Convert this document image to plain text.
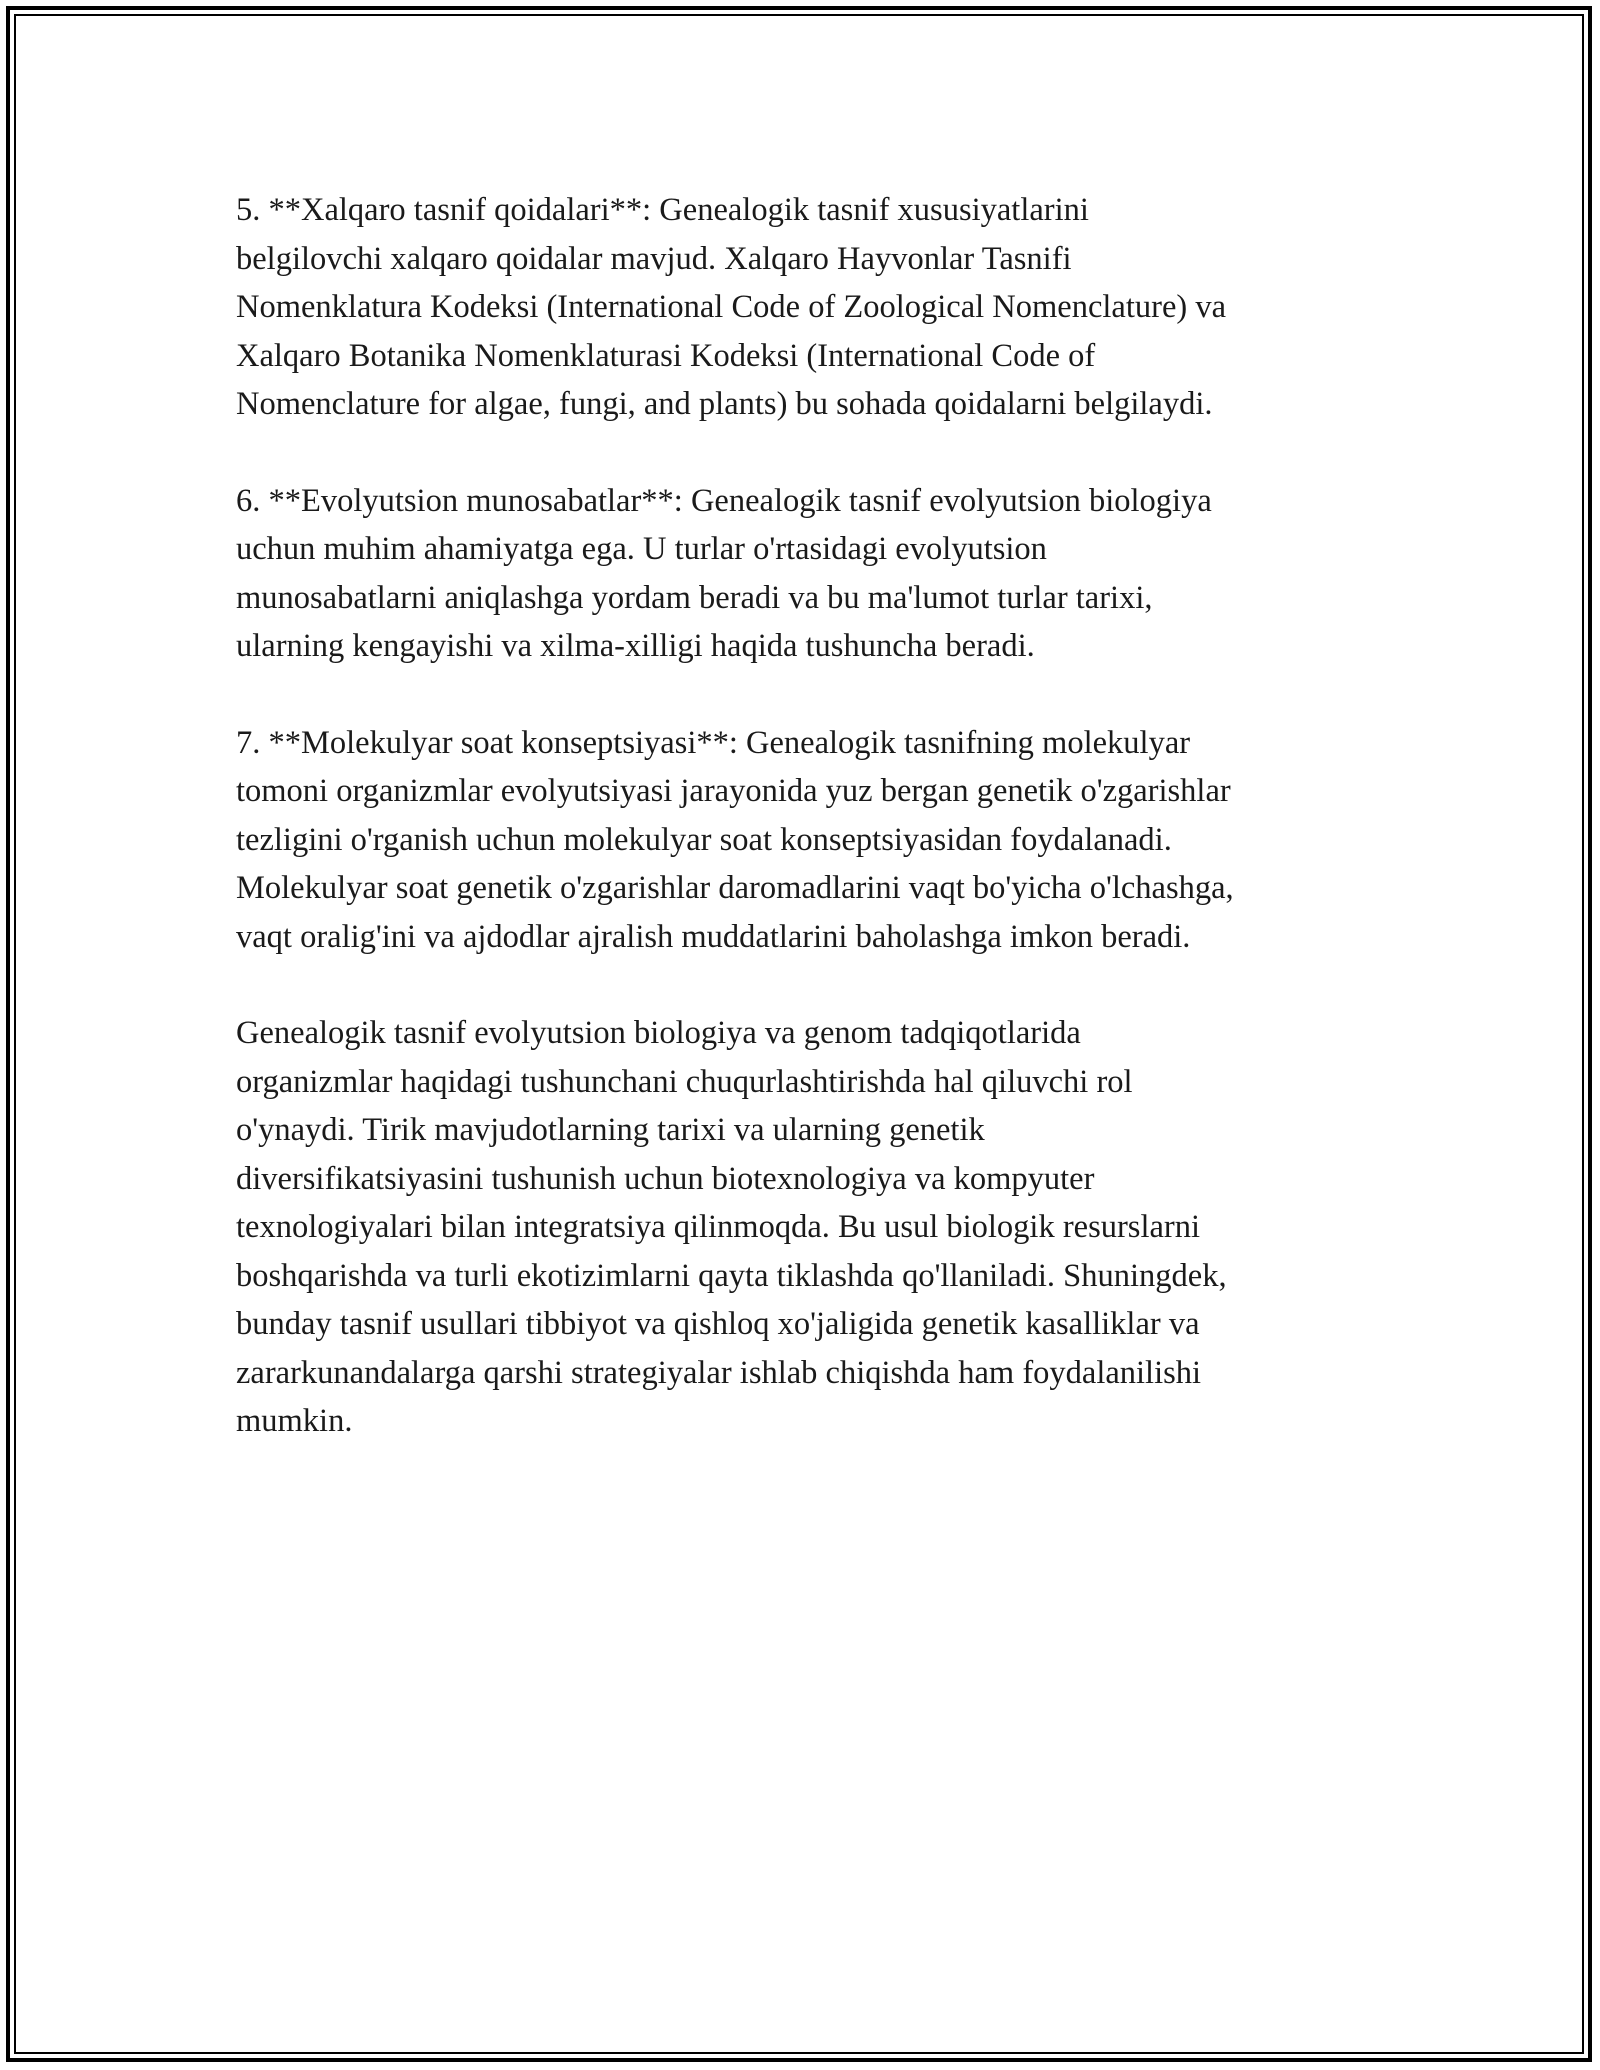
5. **Xalqaro tasnif qoidalari**: Genealogik tasnif xususiyatlarini
belgilovchi xalqaro qoidalar mavjud. Xalqaro Hayvonlar Tasnifi
Nomenklatura Kodeksi (International Code of Zoological Nomenclature) va
Xalqaro Botanika Nomenklaturasi Kodeksi (International Code of
Nomenclature for algae, fungi, and plants) bu sohada qoidalarni belgilaydi.

6. **Evolyutsion munosabatlar**: Genealogik tasnif evolyutsion biologiya
uchun muhim ahamiyatga ega. U turlar o'rtasidagi evolyutsion
munosabatlarni aniqlashga yordam beradi va bu ma'lumot turlar tarixi,
ularning kengayishi va xilma-xilligi haqida tushuncha beradi.

7. **Molekulyar soat konseptsiyasi**: Genealogik tasnifning molekulyar
tomoni organizmlar evolyutsiyasi jarayonida yuz bergan genetik o'zgarishlar
tezligini o'rganish uchun molekulyar soat konseptsiyasidan foydalanadi.
Molekulyar soat genetik o'zgarishlar daromadlarini vaqt bo'yicha o'lchashga,
vaqt oralig'ini va ajdodlar ajralish muddatlarini baholashga imkon beradi.

Genealogik tasnif evolyutsion biologiya va genom tadqiqotlarida
organizmlar haqidagi tushunchani chuqurlashtirishda hal qiluvchi rol
o'ynaydi. Tirik mavjudotlarning tarixi va ularning genetik
diversifikatsiyasini tushunish uchun biotexnologiya va kompyuter
texnologiyalari bilan integratsiya qilinmoqda. Bu usul biologik resurslarni
boshqarishda va turli ekotizimlarni qayta tiklashda qo'llaniladi. Shuningdek,
bunday tasnif usullari tibbiyot va qishloq xo'jaligida genetik kasalliklar va
zararkunandalarga qarshi strategiyalar ishlab chiqishda ham foydalanilishi
mumkin.
